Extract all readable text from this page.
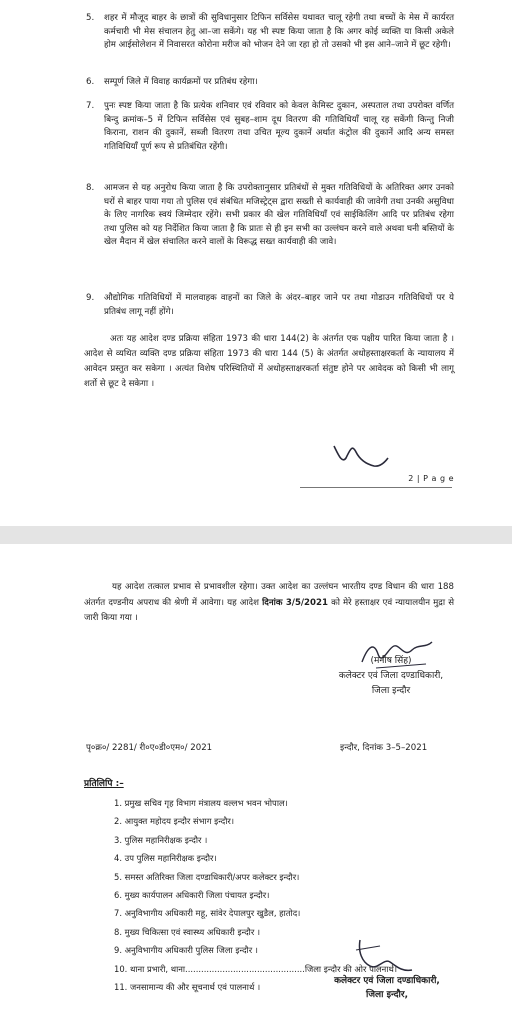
5. शहर में मौजूद बाहर के छात्रों की सुविधानुसार टिफिन सर्विसेस यथावत चालू रहेगी तथा बच्चों के मेस में कार्यरत कर्मचारी भी मेस संचालन हेतु आ–जा सकेंगे। यह भी स्पष्ट किया जाता है कि अगर कोई व्यक्ति या किसी अकेले होम आईसोलेशन में निवासरत कोरोना मरीज को भोजन देने जा रहा हो तो उसको भी इस आने–जाने में छूट रहेगी।
6. सम्पूर्ण जिले में विवाह कार्यक्रमों पर प्रतिबंध रहेगा।
7. पुनः स्पष्ट किया जाता है कि प्रत्येक शनिवार एवं रविवार को केवल केमिस्ट दुकान, अस्पताल तथा उपरोक्त वर्णित बिन्दु क्रमांक–5 में टिफिन सर्विसेस एवं सुबह–शाम दूध वितरण की गतिविधियाँ चालू रह सकेंगी किन्तु निजी किराना, राशन की दुकानें, सब्जी वितरण तथा उचित मूल्य दुकानें अर्थात कंट्रोल की दुकानें आदि अन्य समस्त गतिविधियाँ पूर्ण रूप से प्रतिबंधित रहेंगी।
8. आमजन से यह अनुरोध किया जाता है कि उपरोक्तानुसार प्रतिबंधों से मुक्त गतिविधियों के अतिरिक्त अगर उनको घरों से बाहर पाया गया तो पुलिस एवं संबंधित मजिस्ट्रेट्स द्वारा सख्ती से कार्यवाही की जावेगी तथा उनकी असुविधा के लिए नागरिक स्वयं जिम्मेदार रहेंगे। सभी प्रकार की खेल गतिविधियाँ एवं साईकिलिंग आदि पर प्रतिबंध रहेगा तथा पुलिस को यह निर्देशित किया जाता है कि प्रातः से ही इन सभी का उल्लंघन करने वाले अथवा घनी बस्तियों के खेल मैदान में खेल संचालित करने वालों के विरूद्ध सख्त कार्यवाही की जावे।
9. औद्योगिक गतिविधियों में मालवाहक वाहनों का जिले के अंदर–बाहर जाने पर तथा गोडाउन गतिविधियों पर ये प्रतिबंध लागू नहीं होंगे।
अतः यह आदेश दण्ड प्रक्रिया संहिता 1973 की धारा 144(2) के अंतर्गत एक पक्षीय पारित किया जाता है । आदेश से व्यथित व्यक्ति दण्ड प्रक्रिया संहिता 1973 की धारा 144 (5) के अंतर्गत अधोहस्ताक्षरकर्ता के न्यायालय में आवेदन प्रस्तुत कर सकेगा । अत्यंत विशेष परिस्थितियों में अधोहस्ताक्षरकर्ता संतुष्ट होने पर आवेदक को किसी भी लागू शर्तो से छूट दे सकेगा ।
2 | P a g e
यह आदेश तत्काल प्रभाव से प्रभावशील रहेगा। उक्त आदेश का उल्लंघन भारतीय दण्ड विधान की धारा 188 अंतर्गत दण्डनीय अपराध की श्रेणी में आवेगा। यह आदेश दिनांक 3/5/2021 को मेरे हस्ताक्षर एवं न्यायालयीन मुद्रा से जारी किया गया ।
(मनीष सिंह)
कलेक्टर एवं जिला दण्डाधिकारी,
जिला इन्दौर
पृ०क्र०/ 2281/ री०ए०डी०एम०/ 2021	इन्दौर, दिनांक 3–5–2021
प्रतिलिपि :–
1. प्रमुख सचिव गृह विभाग मंत्रालय वल्लभ भवन भोपाल।
2. आयुक्त महोदय इन्दौर संभाग इन्दौर।
3. पुलिस महानिरीक्षक इन्दौर ।
4. उप पुलिस महानिरीक्षक इन्दौर।
5. समस्त अतिरिक्त जिला दण्डाधिकारी/अपर कलेक्टर इन्दौर।
6. मुख्य कार्यपालन अधिकारी जिला पंचायत इन्दौर।
7. अनुविभागीय अधिकारी महू, सांवेर देपालपुर खुडैल, हातोद।
8. मुख्य चिकित्सा एवं स्वास्थ्य अधिकारी इन्दौर ।
9. अनुविभागीय अधिकारी पुलिस जिला इन्दौर ।
10. थाना प्रभारी, थाना.............................................जिला इन्दौर की ओर पालनार्थ।
11. जनसामान्य की और सूचनार्थ एवं पालनार्थ ।
कलेक्टर एवं जिला दण्डाधिकारी,
जिला इन्दौर,
